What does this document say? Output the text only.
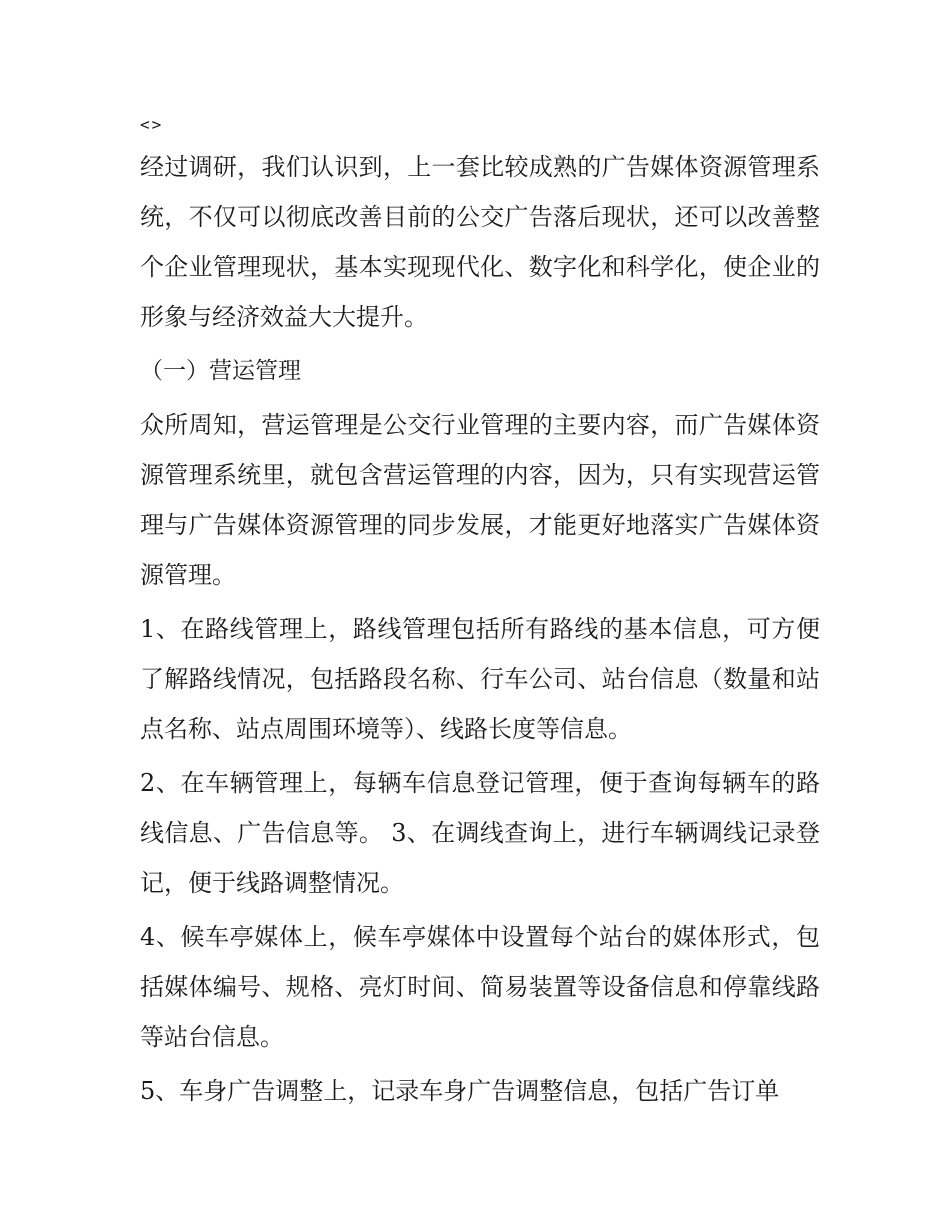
<>

经过调研，我们认识到，上一套比较成熟的广告媒体资源管理系统，不仅可以彻底改善目前的公交广告落后现状，还可以改善整个企业管理现状，基本实现现代化、数字化和科学化，使企业的形象与经济效益大大提升。

（一）营运管理

众所周知，营运管理是公交行业管理的主要内容，而广告媒体资源管理系统里，就包含营运管理的内容，因为，只有实现营运管理与广告媒体资源管理的同步发展，才能更好地落实广告媒体资源管理。

1、在路线管理上，路线管理包括所有路线的基本信息，可方便了解路线情况，包括路段名称、行车公司、站台信息（数量和站点名称、站点周围环境等）、线路长度等信息。

2、在车辆管理上，每辆车信息登记管理，便于查询每辆车的路线信息、广告信息等。 3、在调线查询上，进行车辆调线记录登记，便于线路调整情况。

4、候车亭媒体上，候车亭媒体中设置每个站台的媒体形式，包括媒体编号、规格、亮灯时间、简易装置等设备信息和停靠线路等站台信息。

5、车身广告调整上，记录车身广告调整信息，包括广告订单
